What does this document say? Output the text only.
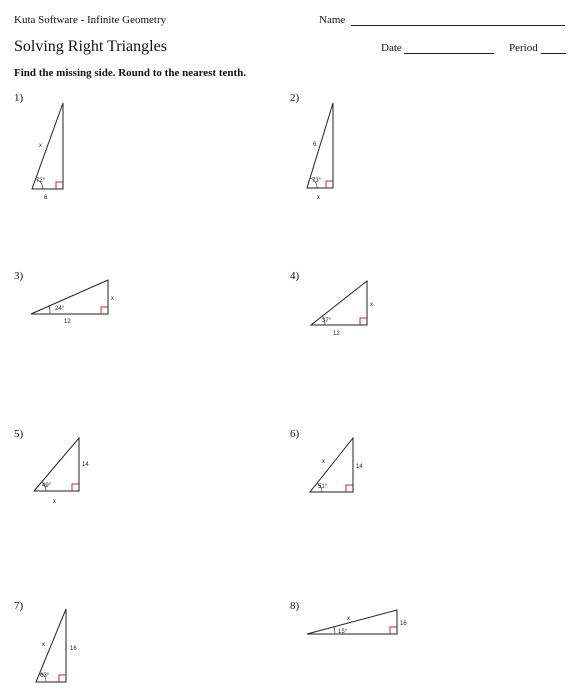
Kuta Software - Infinite Geometry	Name
Solving Right Triangles	Date	Period
Find the missing side. Round to the nearest tenth.
1)
72°
x
6
2)
73°
6
x
3)
24°
12
x
4)
37°
12
x
5)
49°
14
x
6)
51°
x
14
7)
63°
x
16
8)
15°
x
16
